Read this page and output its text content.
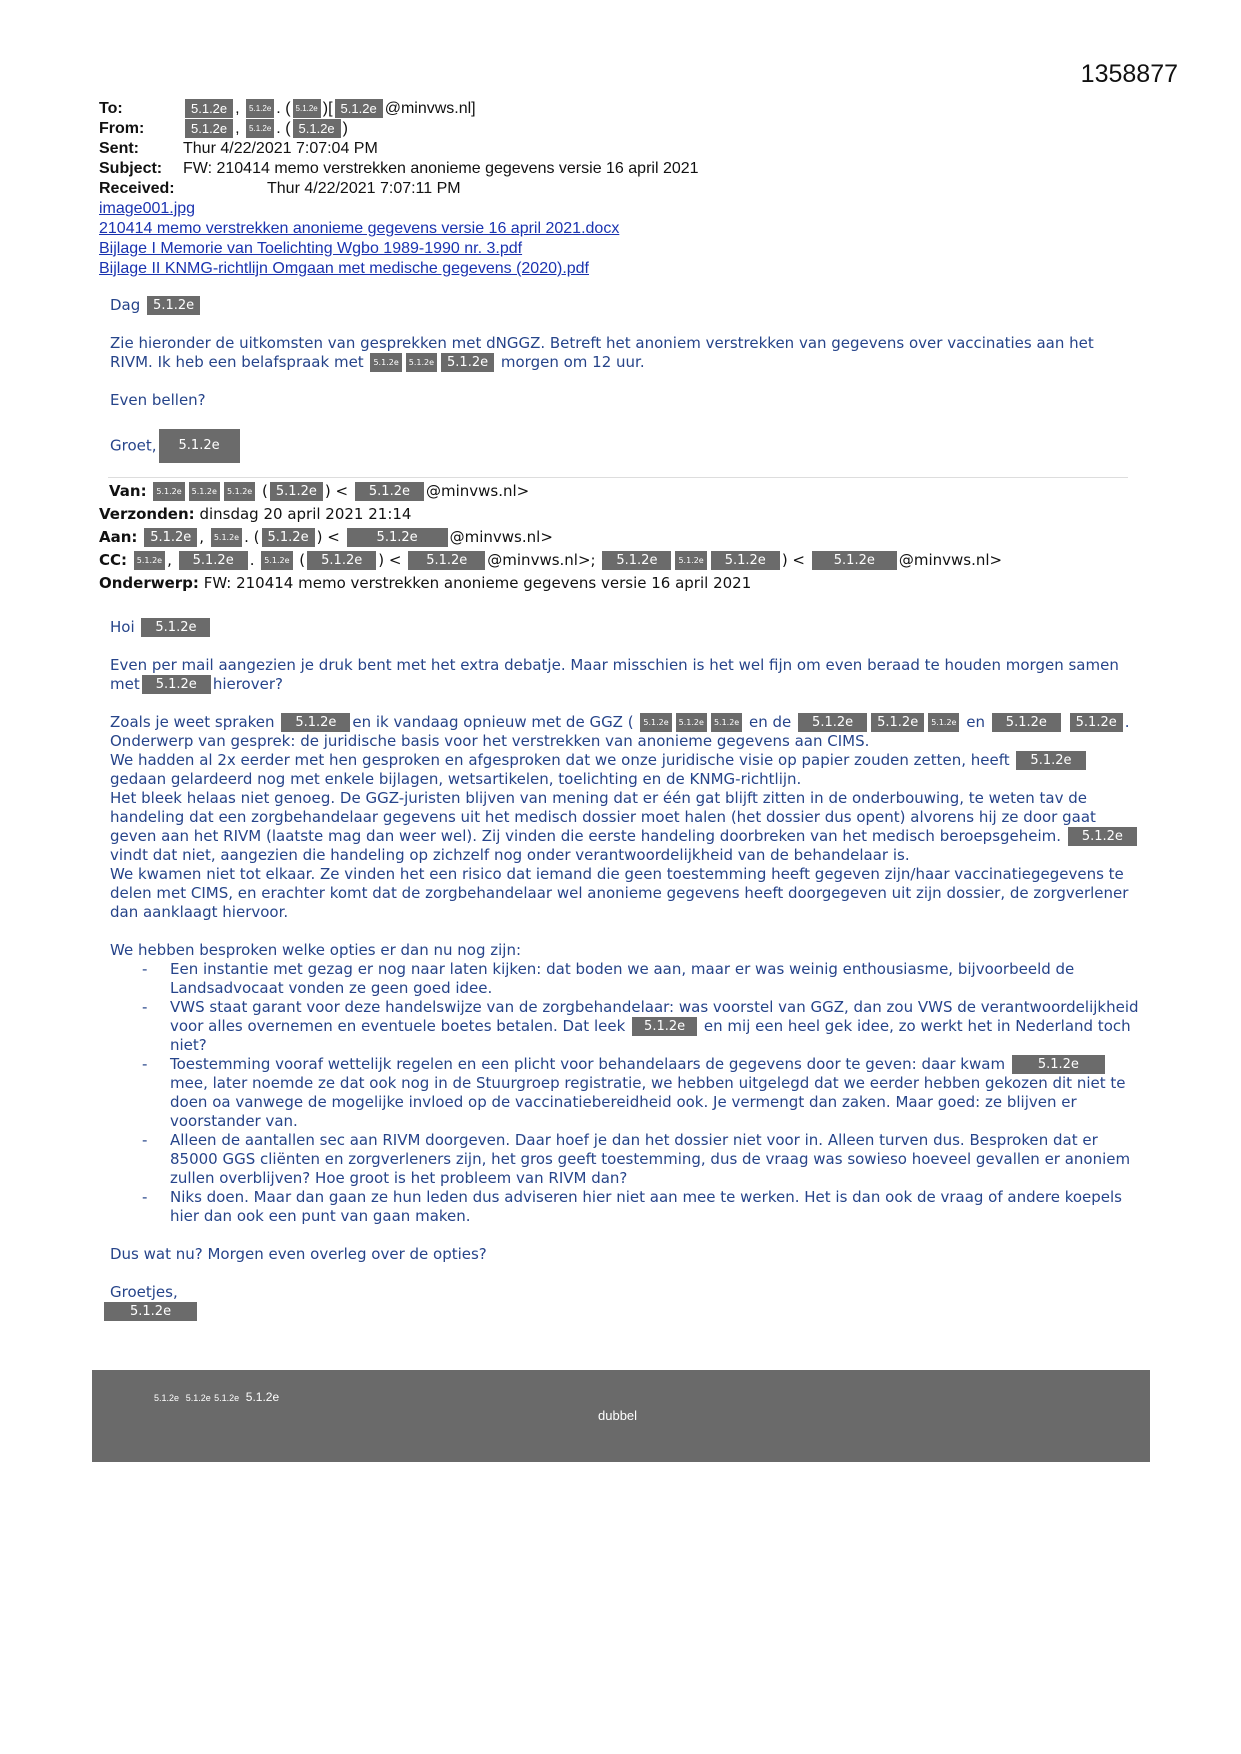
1358877
To:	5.1.2e , 5.1.2e . ( 5.1.2e )[ 5.1.2e @minvws.nl]
From:	5.1.2e , 5.1.2e . ( 5.1.2e )
Sent:	Thur 4/22/2021 7:07:04 PM
Subject: FW: 210414 memo verstrekken anonieme gegevens versie 16 april 2021
Received:	Thur 4/22/2021 7:07:11 PM
image001.jpg
210414 memo verstrekken anonieme gegevens versie 16 april 2021.docx
Bijlage I Memorie van Toelichting Wgbo 1989-1990 nr. 3.pdf
Bijlage II KNMG-richtlijn Omgaan met medische gegevens (2020).pdf

Dag 5.1.2e

Zie hieronder de uitkomsten van gesprekken met dNGGZ. Betreft het anoniem verstrekken van gegevens over vaccinaties aan het RIVM. Ik heb een belafspraak met 5.1.2e 5.1.2e 5.1.2e morgen om 12 uur.

Even bellen?

Groet, 5.1.2e

Van: 5.1.2e 5.1.2e 5.1.2e ( 5.1.2e ) < 5.1.2e @minvws.nl>
Verzonden: dinsdag 20 april 2021 21:14
Aan: 5.1.2e , 5.1.2e . ( 5.1.2e ) < 5.1.2e @minvws.nl>
CC: 5.1.2e , 5.1.2e . 5.1.2e ( 5.1.2e ) < 5.1.2e @minvws.nl>; 5.1.2e	5.1.2e 5.1.2e ) < 5.1.2e @minvws.nl>
Onderwerp: FW: 210414 memo verstrekken anonieme gegevens versie 16 april 2021

Hoi 5.1.2e

Even per mail aangezien je druk bent met het extra debatje. Maar misschien is het wel fijn om even beraad te houden morgen samen met 5.1.2e hierover?

Zoals je weet spraken 5.1.2e en ik vandaag opnieuw met de GGZ ( 5.1.2e 5.1.2e 5.1.2e en de 5.1.2e 5.1.2e 5.1.2e en 5.1.2e 5.1.2e . Onderwerp van gesprek: de juridische basis voor het verstrekken van anonieme gegevens aan CIMS.
We hadden al 2x eerder met hen gesproken en afgesproken dat we onze juridische visie op papier zouden zetten, heeft 5.1.2e gedaan gelardeerd nog met enkele bijlagen, wetsartikelen, toelichting en de KNMG-richtlijn.
Het bleek helaas niet genoeg. De GGZ-juristen blijven van mening dat er één gat blijft zitten in de onderbouwing, te weten tav de handeling dat een zorgbehandelaar gegevens uit het medisch dossier moet halen (het dossier dus opent) alvorens hij ze door gaat geven aan het RIVM (laatste mag dan weer wel). Zij vinden die eerste handeling doorbreken van het medisch beroepsgeheim. 5.1.2e vindt dat niet, aangezien die handeling op zichzelf nog onder verantwoordelijkheid van de behandelaar is.
We kwamen niet tot elkaar. Ze vinden het een risico dat iemand die geen toestemming heeft gegeven zijn/haar vaccinatiegegevens te delen met CIMS, en erachter komt dat de zorgbehandelaar wel anonieme gegevens heeft doorgegeven uit zijn dossier, de zorgverlener dan aanklaagt hiervoor.

We hebben besproken welke opties er dan nu nog zijn:
- Een instantie met gezag er nog naar laten kijken: dat boden we aan, maar er was weinig enthousiasme, bijvoorbeeld de Landsadvocaat vonden ze geen goed idee.
- VWS staat garant voor deze handelswijze van de zorgbehandelaar: was voorstel van GGZ, dan zou VWS de verantwoordelijkheid voor alles overnemen en eventuele boetes betalen. Dat leek 5.1.2e en mij een heel gek idee, zo werkt het in Nederland toch niet?
- Toestemming vooraf wettelijk regelen en een plicht voor behandelaars de gegevens door te geven: daar kwam	5.1.2e mee, later noemde ze dat ook nog in de Stuurgroep registratie, we hebben uitgelegd dat we eerder hebben gekozen dit niet te doen oa vanwege de mogelijke invloed op de vaccinatiebereidheid ook. Je vermengt dan zaken. Maar goed: ze blijven er voorstander van.
- Alleen de aantallen sec aan RIVM doorgeven. Daar hoef je dan het dossier niet voor in. Alleen turven dus. Besproken dat er 85000 GGS cliënten en zorgverleners zijn, het gros geeft toestemming, dus de vraag was sowieso hoeveel gevallen er anoniem zullen overblijven? Hoe groot is het probleem van RIVM dan?
- Niks doen. Maar dan gaan ze hun leden dus adviseren hier niet aan mee te werken. Het is dan ook de vraag of andere koepels hier dan ook een punt van gaan maken.

Dus wat nu? Morgen even overleg over de opties?

Groetjes,
5.1.2e
5.1.2e 5.1.2e 5.1.2e 5.1.2e
dubbel
